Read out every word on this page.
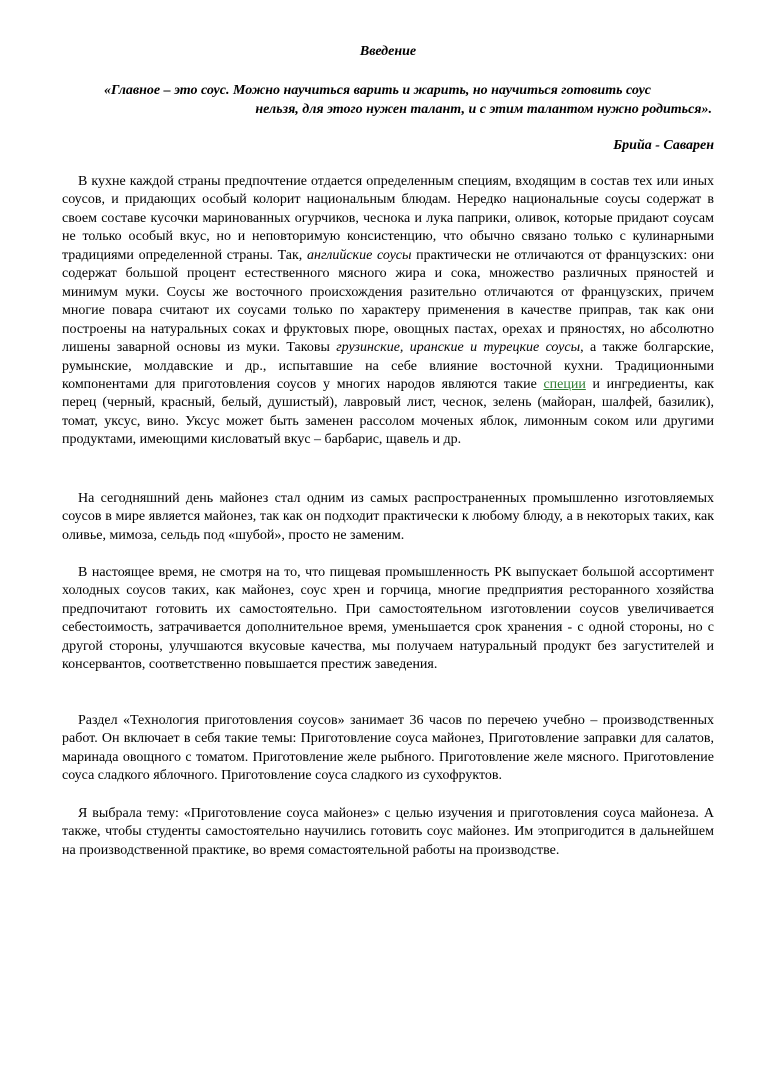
Введение

«Главное – это соус. Можно научиться варить и жарить, но научиться готовить соус
нельзя, для этого нужен талант, и с этим талантом нужно родиться».

Брийа - Саварен

В кухне каждой страны предпочтение отдается определенным специям, входящим в состав тех или иных соусов, и придающих особый колорит национальным блюдам. Нередко национальные соусы содержат в своем составе кусочки маринованных огурчиков, чеснока и лука паприки, оливок, которые придают соусам не только особый вкус, но и неповторимую консистенцию, что обычно связано только с кулинарными традициями определенной страны. Так, английские соусы практически не отличаются от французских: они содержат большой процент естественного мясного жира и сока, множество различных пряностей и минимум муки. Соусы же восточного происхождения разительно отличаются от французских, причем многие повара считают их соусами только по характеру применения в качестве приправ, так как они построены на натуральных соках и фруктовых пюре, овощных пастах, орехах и пряностях, но абсолютно лишены заварной основы из муки. Таковы грузинские, иранские и турецкие соусы, а также болгарские, румынские, молдавские и др., испытавшие на себе влияние восточной кухни. Традиционными компонентами для приготовления соусов у многих народов являются такие специи и ингредиенты, как перец (черный, красный, белый, душистый), лавровый лист, чеснок, зелень (майоран, шалфей, базилик), томат, уксус, вино. Уксус может быть заменен рассолом моченых яблок, лимонным соком или другими продуктами, имеющими кисловатый вкус – барбарис, щавель и др.

На сегодняшний день майонез стал одним из самых распространенных промышленно изготовляемых соусов в мире является майонез, так как он подходит практически к любому блюду, а в некоторых таких, как оливье, мимоза, сельдь под «шубой», просто не заменим.

В настоящее время, не смотря на то, что пищевая промышленность РК выпускает большой ассортимент холодных соусов таких, как майонез, соус хрен и горчица, многие предприятия ресторанного хозяйства предпочитают готовить их самостоятельно. При самостоятельном изготовлении соусов увеличивается себестоимость, затрачивается дополнительное время, уменьшается срок хранения - с одной стороны, но с другой стороны, улучшаются вкусовые качества, мы получаем натуральный продукт без загустителей и консервантов, соответственно повышается престиж заведения.

Раздел «Технология приготовления соусов» занимает 36 часов по перечею учебно – производственных работ. Он включает в себя такие темы: Приготовление соуса майонез, Приготовление заправки для салатов, маринада овощного с томатом. Приготовление желе рыбного. Приготовление желе мясного. Приготовление соуса сладкого яблочного. Приготовление соуса сладкого из сухофруктов.

Я выбрала тему: «Приготовление соуса майонез» с целью изучения и приготовления соуса майонеза. А также, чтобы студенты самостоятельно научились готовить соус майонез. Им этопригодится в дальнейшем на производственной практике, во время сомастоятельной работы на производстве.
